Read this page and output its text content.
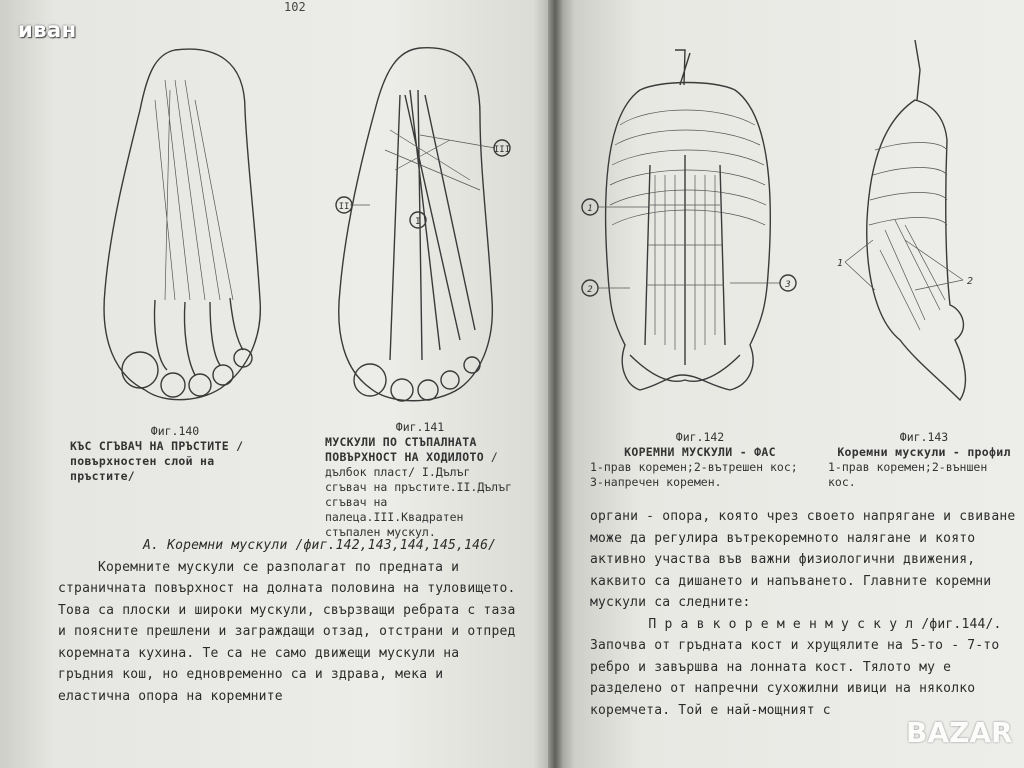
иван
102
III
II
I
Фиг.140
КЪС СГЪВАЧ НА ПРЪСТИТЕ /повърхностен слой на пръстите/
Фиг.141
МУСКУЛИ ПО СТЪПАЛНАТА ПОВЪРХНОСТ НА ХОДИЛОТО /дълбок пласт/ I.Дълъг сгъвач на пръстите.II.Дълъг сгъвач на палеца.III.Квадратен стъпален мускул.

А. Коремни мускули /фиг.142,143,144,145,146/

Коремните мускули се разполагат по предната и страничната повърхност на долната половина на туловището. Това са плоски и широки мускули, свързващи ребрата с таза и поясните прешлени и заграждащи отзад, отстрани и отпред коремната кухина. Те са не само движещи мускули на гръдния кош, но едновременно са и здрава, мека и еластична опора на коремните

1
2	3
1
2
Фиг.142
КОРЕМНИ МУСКУЛИ - ФАС
1-прав коремен;2-вътрешен кос; 3-напречен коремен.
Фиг.143
Коремни мускули - профил
1-прав коремен;2-външен кос.

органи - опора, която чрез своето напрягане и свиване може да регулира вътрекоремното налягане и която активно участва във важни физиологични движения, каквито са дишането и напъването. Главните коремни мускули са следните:

П р а в к о р е м е н м у с к у л /фиг.144/.

Започва от гръдната кост и хрущялите на 5-то - 7-то ребро и завършва на лонната кост. Тялото му е разделено от напречни сухожилни ивици на няколко коремчета. Той е най-мощният с

BAZAR
